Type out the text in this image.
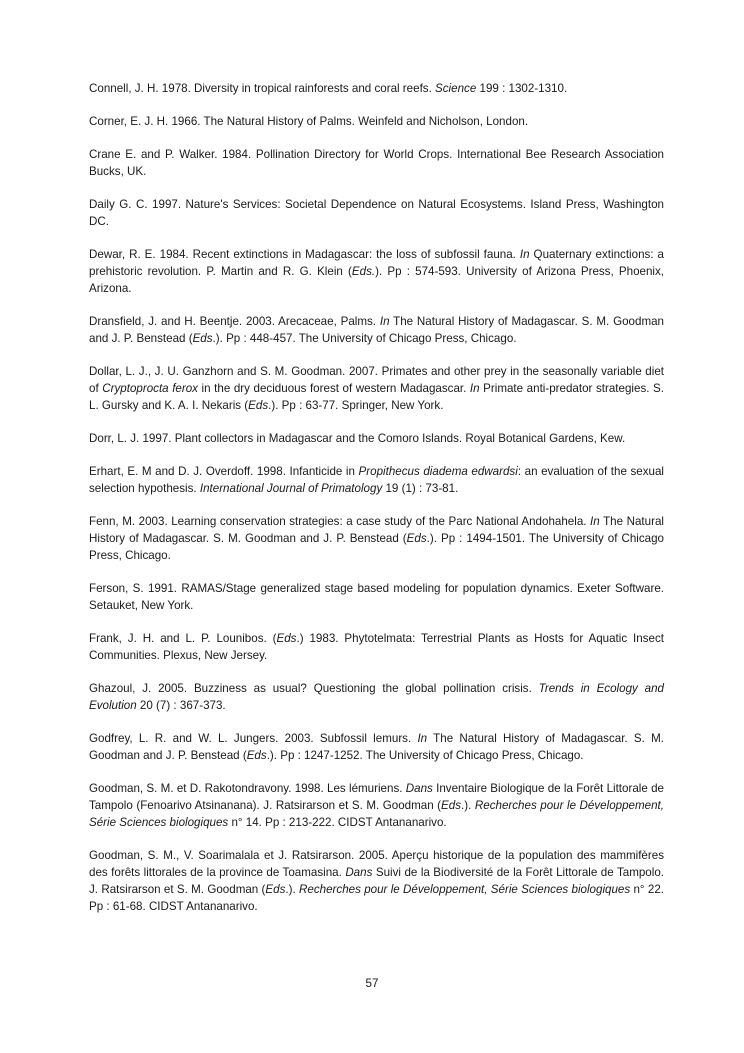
Connell, J. H. 1978. Diversity in tropical rainforests and coral reefs. Science 199 : 1302-1310.

Corner, E. J. H. 1966. The Natural History of Palms. Weinfeld and Nicholson, London.

Crane E. and P. Walker. 1984. Pollination Directory for World Crops. International Bee Research Association Bucks, UK.

Daily G. C. 1997. Nature's Services: Societal Dependence on Natural Ecosystems. Island Press, Washington DC.

Dewar, R. E. 1984. Recent extinctions in Madagascar: the loss of subfossil fauna. In Quaternary extinctions: a prehistoric revolution. P. Martin and R. G. Klein (Eds.). Pp : 574-593. University of Arizona Press, Phoenix, Arizona.

Dransfield, J. and H. Beentje. 2003. Arecaceae, Palms. In The Natural History of Madagascar. S. M. Goodman and J. P. Benstead (Eds.). Pp : 448-457. The University of Chicago Press, Chicago.

Dollar, L. J., J. U. Ganzhorn and S. M. Goodman. 2007. Primates and other prey in the seasonally variable diet of Cryptoprocta ferox in the dry deciduous forest of western Madagascar. In Primate anti-predator strategies. S. L. Gursky and K. A. I. Nekaris (Eds.). Pp : 63-77. Springer, New York.

Dorr, L. J. 1997. Plant collectors in Madagascar and the Comoro Islands. Royal Botanical Gardens, Kew.

Erhart, E. M and D. J. Overdoff. 1998. Infanticide in Propithecus diadema edwardsi: an evaluation of the sexual selection hypothesis. International Journal of Primatology 19 (1) : 73-81.

Fenn, M. 2003. Learning conservation strategies: a case study of the Parc National Andohahela. In The Natural History of Madagascar. S. M. Goodman and J. P. Benstead (Eds.). Pp : 1494-1501. The University of Chicago Press, Chicago.

Ferson, S. 1991. RAMAS/Stage generalized stage based modeling for population dynamics. Exeter Software. Setauket, New York.

Frank, J. H. and L. P. Lounibos. (Eds.) 1983. Phytotelmata: Terrestrial Plants as Hosts for Aquatic Insect Communities. Plexus, New Jersey.

Ghazoul, J. 2005. Buzziness as usual? Questioning the global pollination crisis. Trends in Ecology and Evolution 20 (7) : 367-373.

Godfrey, L. R. and W. L. Jungers. 2003. Subfossil lemurs. In The Natural History of Madagascar. S. M. Goodman and J. P. Benstead (Eds.). Pp : 1247-1252. The University of Chicago Press, Chicago.

Goodman, S. M. et D. Rakotondravony. 1998. Les lémuriens. Dans Inventaire Biologique de la Forêt Littorale de Tampolo (Fenoarivo Atsinanana). J. Ratsirarson et S. M. Goodman (Eds.). Recherches pour le Développement, Série Sciences biologiques n° 14. Pp : 213-222. CIDST Antananarivo.

Goodman, S. M., V. Soarimalala et J. Ratsirarson. 2005. Aperçu historique de la population des mammifères des forêts littorales de la province de Toamasina. Dans Suivi de la Biodiversité de la Forêt Littorale de Tampolo. J. Ratsirarson et S. M. Goodman (Eds.). Recherches pour le Développement, Série Sciences biologiques n° 22. Pp : 61-68. CIDST Antananarivo.

57
